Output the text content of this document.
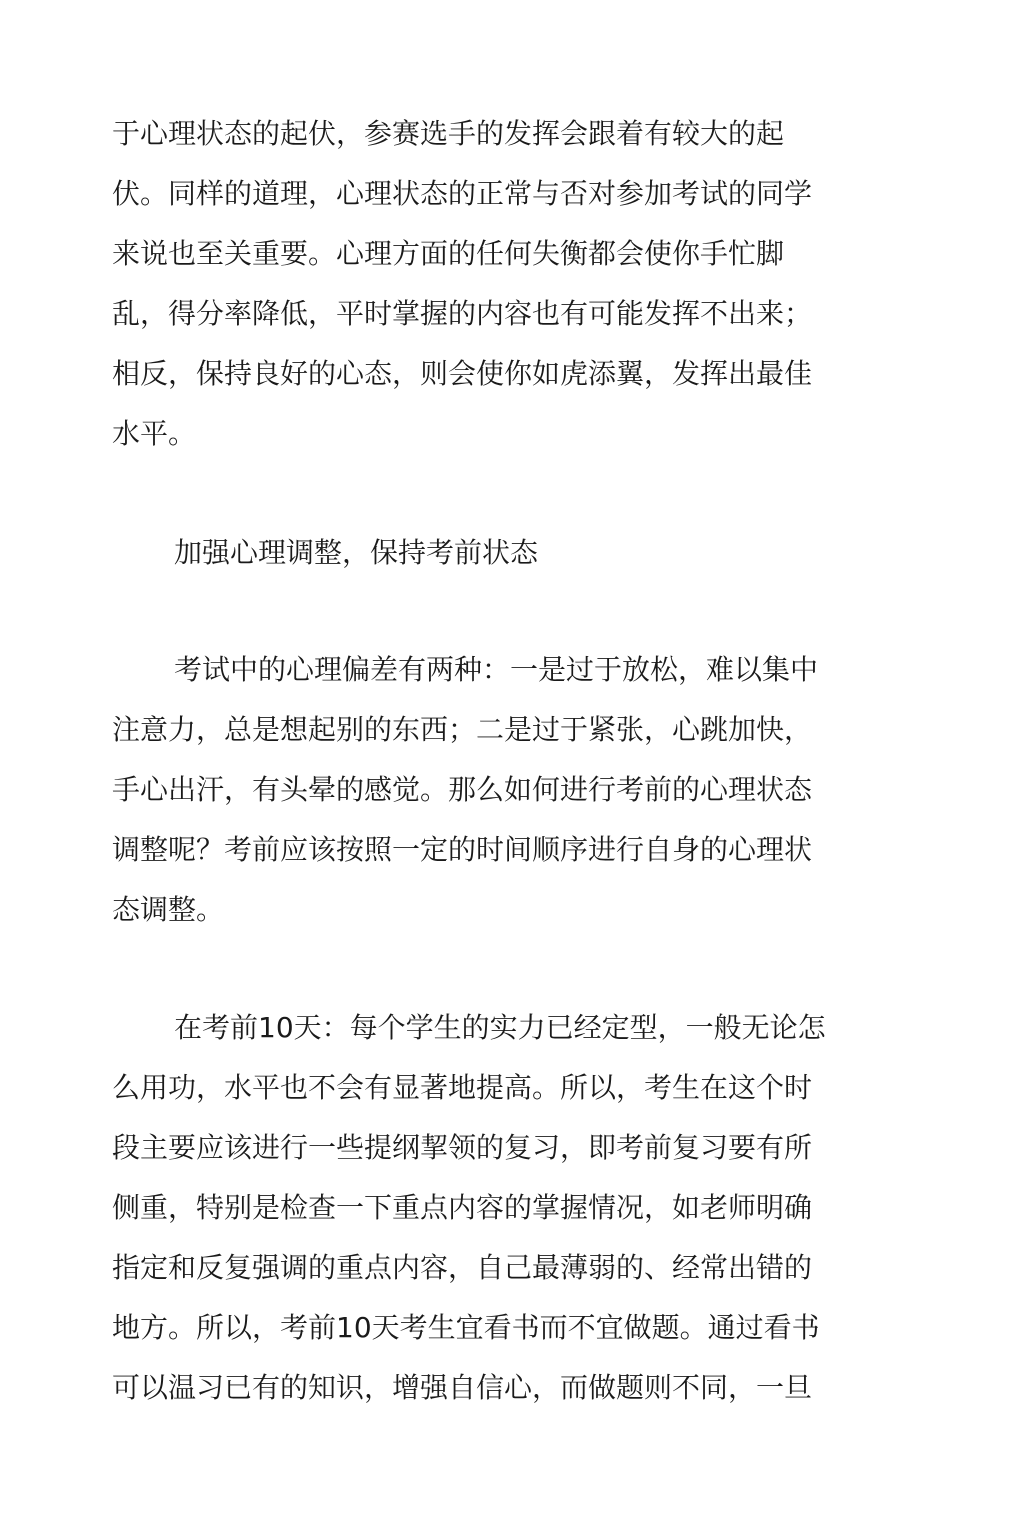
于心理状态的起伏，参赛选手的发挥会跟着有较大的起
伏。同样的道理，心理状态的正常与否对参加考试的同学
来说也至关重要。心理方面的任何失衡都会使你手忙脚
乱，得分率降低，平时掌握的内容也有可能发挥不出来；
相反，保持良好的心态，则会使你如虎添翼，发挥出最佳
水平。
加强心理调整，保持考前状态
考试中的心理偏差有两种：一是过于放松，难以集中
注意力，总是想起别的东西；二是过于紧张，心跳加快，
手心出汗，有头晕的感觉。那么如何进行考前的心理状态
调整呢？考前应该按照一定的时间顺序进行自身的心理状
态调整。
在考前10天：每个学生的实力已经定型，一般无论怎
么用功，水平也不会有显著地提高。所以，考生在这个时
段主要应该进行一些提纲挈领的复习，即考前复习要有所
侧重，特别是检查一下重点内容的掌握情况，如老师明确
指定和反复强调的重点内容，自己最薄弱的、经常出错的
地方。所以，考前10天考生宜看书而不宜做题。通过看书
可以温习已有的知识，增强自信心，而做题则不同，一旦
